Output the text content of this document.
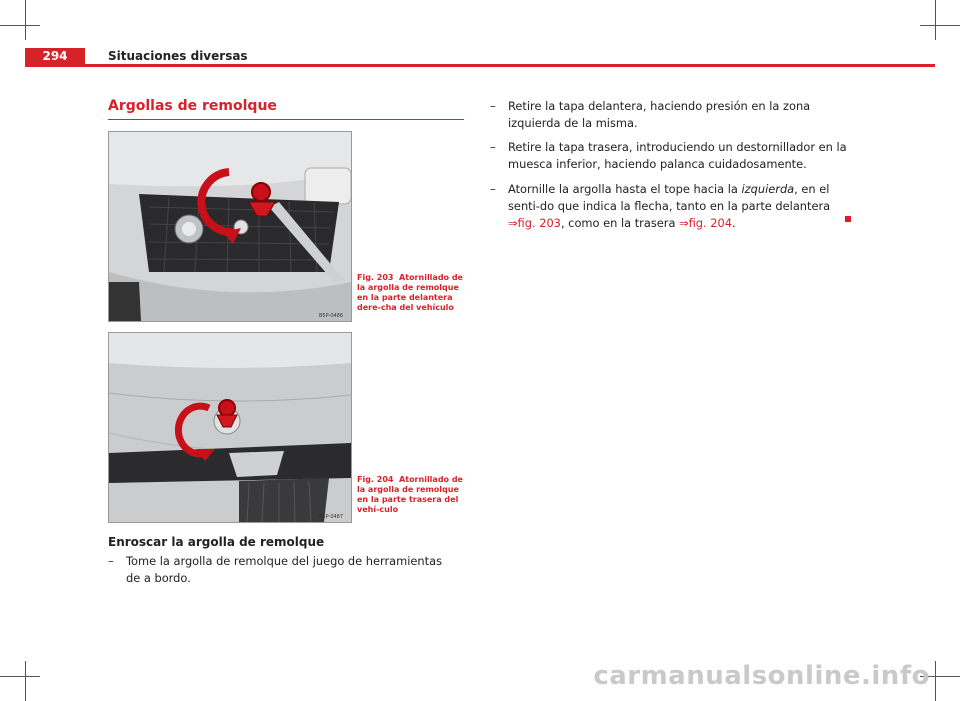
294	Situaciones diversas
Argollas de remolque
B5P-0486
Fig. 203 Atornillado de la argolla de remolque en la parte delantera dere-cha del vehículo
B5P-0487
Fig. 204 Atornillado de la argolla de remolque en la parte trasera del vehí-culo
Enroscar la argolla de remolque
– Tome la argolla de remolque del juego de herramientas de a bordo.
– Retire la tapa delantera, haciendo presión en la zona izquierda de la misma.
– Retire la tapa trasera, introduciendo un destornillador en la muesca inferior, haciendo palanca cuidadosamente.
– Atornille la argolla hasta el tope hacia la izquierda, en el senti-do que indica la flecha, tanto en la parte delantera ⇒fig. 203, como en la trasera ⇒fig. 204.
carmanualsonline.info
